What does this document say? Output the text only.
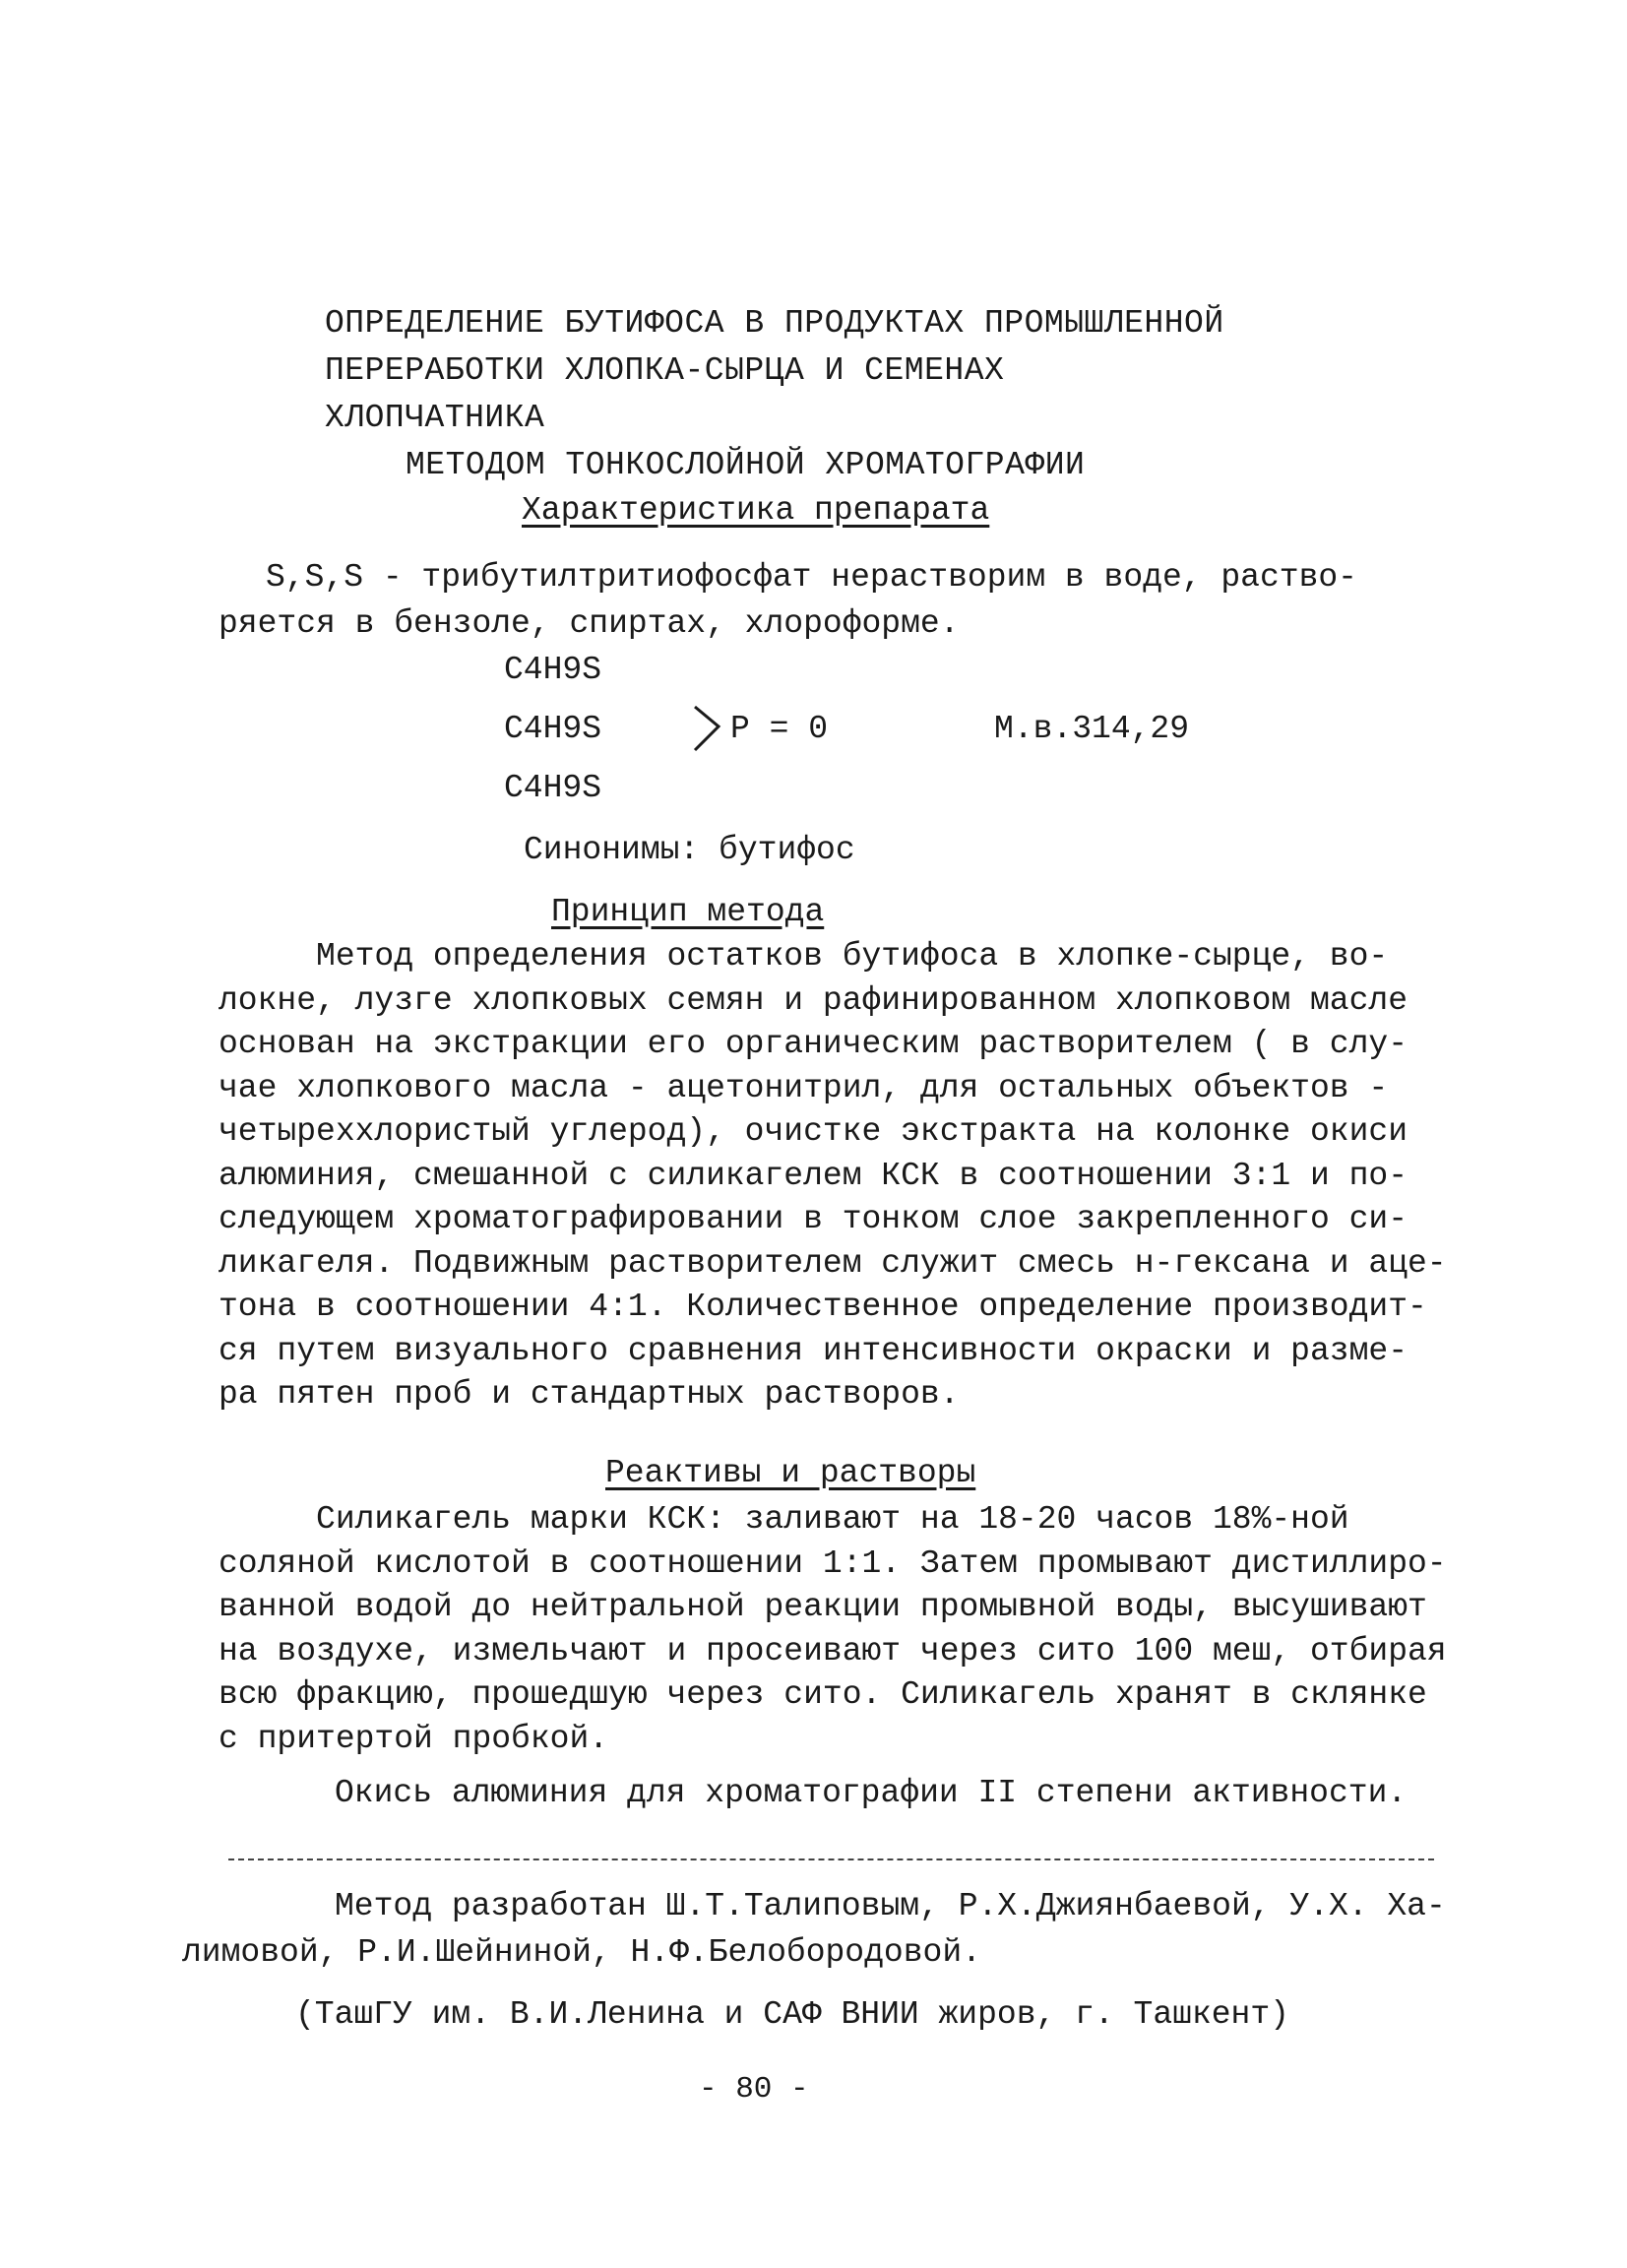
ОПРЕДЕЛЕНИЕ БУТИФОСА В ПРОДУКТАХ ПРОМЫШЛЕННОЙ
ПЕРЕРАБОТКИ ХЛОПКА-СЫРЦА И СЕМЕНАХ ХЛОПЧАТНИКА
МЕТОДОМ ТОНКОСЛОЙНОЙ ХРОМАТОГРАФИИ
Характеристика препарата
S,S,S - трибутилтритиофосфат нерастворим в воде, раство-
ряется в бензоле, спиртах, хлороформе.
C4H9S
C4H9S
C4H9S
P = 0	М.в.314,29
Синонимы: бутифос
Принцип метода
Метод определения остатков бутифоса в хлопке-сырце, во-
локне, лузге хлопковых семян и рафинированном хлопковом масле
основан на экстракции его органическим растворителем ( в слу-
чае хлопкового масла - ацетонитрил, для остальных объектов -
четыреххлористый углерод), очистке экстракта на колонке окиси
алюминия, смешанной с силикагелем КСК в соотношении 3:1 и по-
следующем хроматографировании в тонком слое закрепленного си-
ликагеля. Подвижным растворителем служит смесь н-гексана и аце-
тона в соотношении 4:1. Количественное определение производит-
ся путем визуального сравнения интенсивности окраски и разме-
ра пятен проб и стандартных растворов.
Реактивы и растворы
Силикагель марки КСК: заливают на 18-20 часов 18%-ной
соляной кислотой в соотношении 1:1. Затем промывают дистиллиро-
ванной водой до нейтральной реакции промывной воды, высушивают
на воздухе, измельчают и просеивают через сито 100 меш, отбирая
всю фракцию, прошедшую через сито. Силикагель хранят в склянке
с притертой пробкой.
Окись алюминия для хроматографии II степени активности.
Метод разработан Ш.Т.Талиповым, Р.Х.Джиянбаевой, У.Х. Ха-
лимовой, Р.И.Шейниной, Н.Ф.Белобородовой.
(ТашГУ им. В.И.Ленина и САФ ВНИИ жиров, г. Ташкент)
- 80 -
